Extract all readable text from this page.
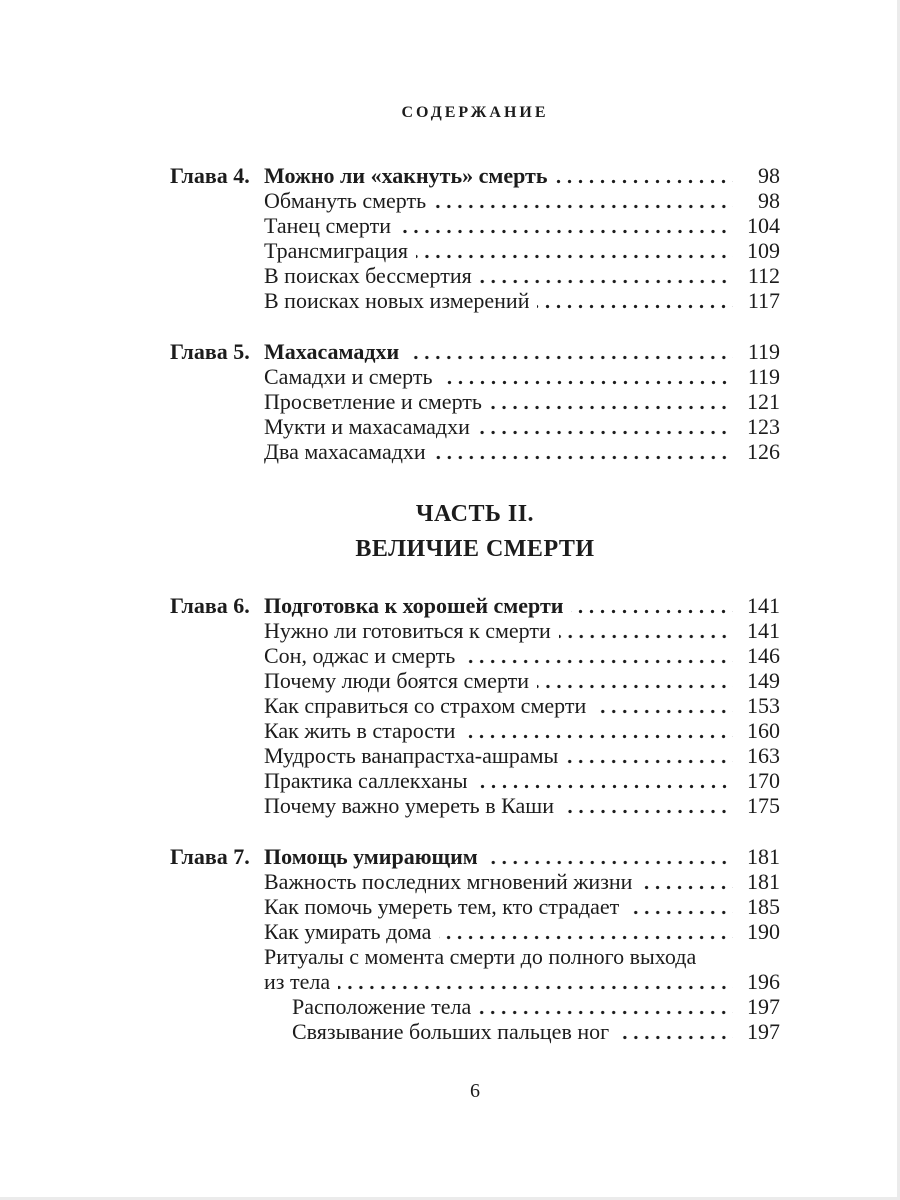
СОДЕРЖАНИЕ
Глава 4. Можно ли «хакнуть» смерть	98
Обмануть смерть	98
Танец смерти	104
Трансмиграция	109
В поисках бессмертия	112
В поисках новых измерений	117
Глава 5. Махасамадхи	119
Самадхи и смерть	119
Просветление и смерть	121
Мукти и махасамадхи	123
Два махасамадхи	126
ЧАСТЬ II.
ВЕЛИЧИЕ СМЕРТИ
Глава 6. Подготовка к хорошей смерти	141
Нужно ли готовиться к смерти	141
Сон, оджас и смерть	146
Почему люди боятся смерти	149
Как справиться со страхом смерти	153
Как жить в старости	160
Мудрость ванапрастха-ашрамы	163
Практика саллекханы	170
Почему важно умереть в Каши	175
Глава 7. Помощь умирающим	181
Важность последних мгновений жизни	181
Как помочь умереть тем, кто страдает	185
Как умирать дома	190
Ритуалы с момента смерти до полного выхода
из тела	196
Расположение тела	197
Связывание больших пальцев ног	197
6
